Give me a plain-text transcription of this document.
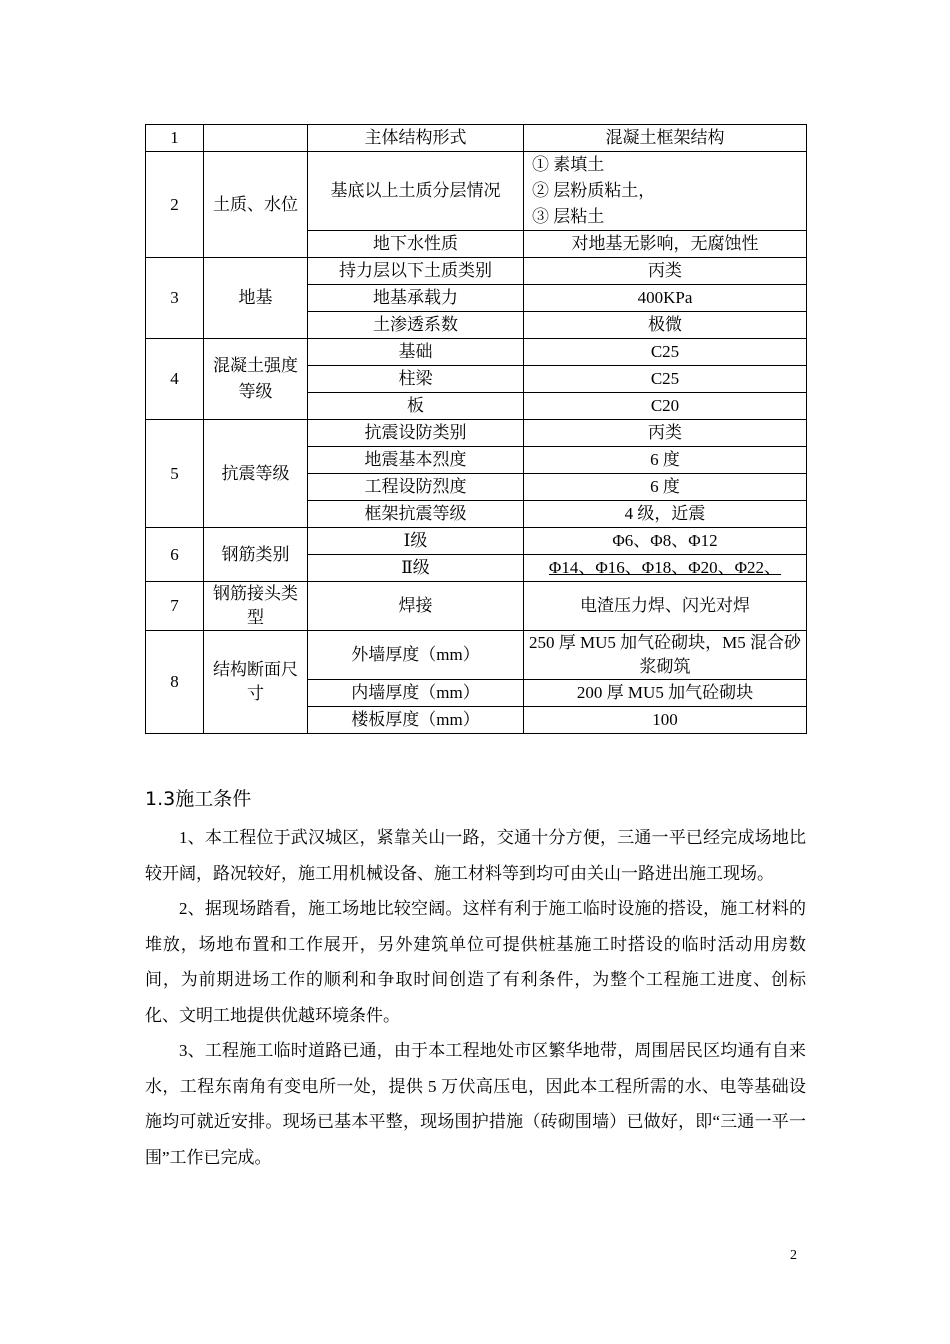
1		主体结构形式	混凝土框架结构
2	土质、水位	基底以上土质分层情况	① 素填土
② 层粉质粘土，
③ 层粘土

		地下水性质	对地基无影响，无腐蚀性
3	地基	持力层以下土质类别	丙类
		地基承载力	400KPa
		土渗透系数	极微
4	混凝土强度等级	基础	C25
		柱梁	C25
		板	C20
5	抗震等级	抗震设防类别	丙类
		地震基本烈度	6 度
		工程设防烈度	6 度
		框架抗震等级	4 级，近震
6	钢筋类别	Ⅰ级	Φ6、Φ8、Φ12
		Ⅱ级	Φ14、Φ16、Φ18、Φ20、Φ22、
7	钢筋接头类型	焊接	电渣压力焊、闪光对焊
8	结构断面尺寸	外墙厚度（mm）	250 厚 MU5 加气砼砌块，M5 混合砂浆砌筑
		内墙厚度（mm）	200 厚 MU5 加气砼砌块
		楼板厚度（mm）	100
1.3施工条件

1、本工程位于武汉城区，紧靠关山一路，交通十分方便，三通一平已经完成场地比较开阔，路况较好，施工用机械设备、施工材料等到均可由关山一路进出施工现场。

2、据现场踏看，施工场地比较空阔。这样有利于施工临时设施的搭设，施工材料的堆放，场地布置和工作展开，另外建筑单位可提供桩基施工时搭设的临时活动用房数间，为前期进场工作的顺利和争取时间创造了有利条件，为整个工程施工进度、创标化、文明工地提供优越环境条件。

3、工程施工临时道路已通，由于本工程地处市区繁华地带，周围居民区均通有自来水，工程东南角有变电所一处，提供 5 万伏高压电，因此本工程所需的水、电等基础设施均可就近安排。现场已基本平整，现场围护措施（砖砌围墙）已做好，即“三通一平一围”工作已完成。

2
